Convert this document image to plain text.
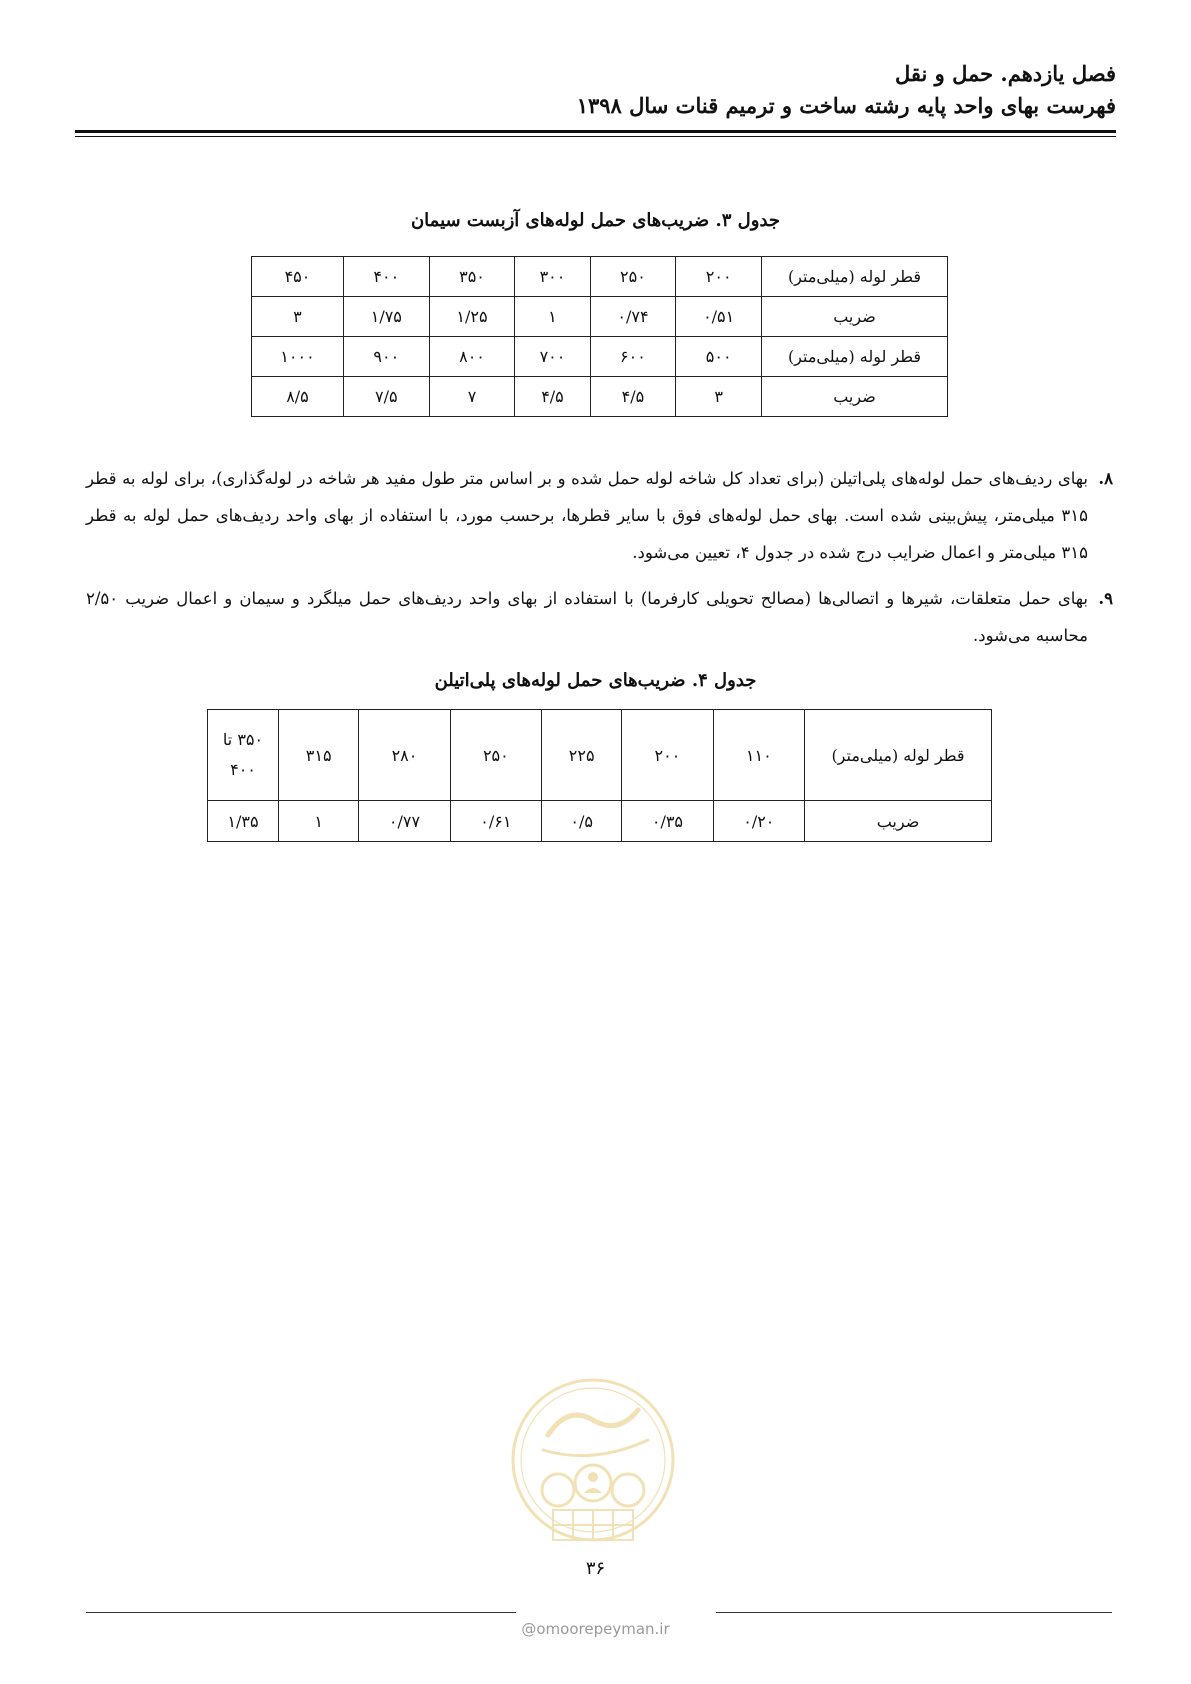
فصل یازدهم. حمل و نقل
فهرست بهای واحد پایه رشته ساخت و ترمیم قنات سال ۱۳۹۸
جدول ۳. ضریب‌های حمل لوله‌های آزبست سیمان
قطر لوله (میلی‌متر)	۲۰۰	۲۵۰	۳۰۰	۳۵۰	۴۰۰	۴۵۰
ضریب	۰/۵۱	۰/۷۴	۱	۱/۲۵	۱/۷۵	۳
قطر لوله (میلی‌متر)	۵۰۰	۶۰۰	۷۰۰	۸۰۰	۹۰۰	۱۰۰۰
ضریب	۳	۴/۵	۴/۵	۷	۷/۵	۸/۵
۸.
بهای ردیف‌های حمل لوله‌های پلی‌اتیلن (برای تعداد کل شاخه لوله حمل شده و بر اساس متر طول مفید هر شاخه در لوله‌گذاری)، برای لوله به قطر ۳۱۵ میلی‌متر، پیش‌بینی شده است. بهای حمل لوله‌های فوق با سایر قطرها، برحسب مورد، با استفاده از بهای واحد ردیف‌های حمل لوله به قطر ۳۱۵ میلی‌متر و اعمال ضرایب درج شده در جدول ۴، تعیین می‌شود.
۹.
بهای حمل متعلقات، شیرها و اتصالی‌ها (مصالح تحویلی کارفرما) با استفاده از بهای واحد ردیف‌های حمل میلگرد و سیمان و اعمال ضریب ۲/۵۰ محاسبه می‌شود.
جدول ۴. ضریب‌های حمل لوله‌های پلی‌اتیلن
قطر لوله (میلی‌متر)	۱۱۰	۲۰۰	۲۲۵	۲۵۰	۲۸۰	۳۱۵	۳۵۰ تا ۴۰۰
ضریب	۰/۲۰	۰/۳۵	۰/۵	۰/۶۱	۰/۷۷	۱	۱/۳۵
۳۶
@omoorepeyman.ir
